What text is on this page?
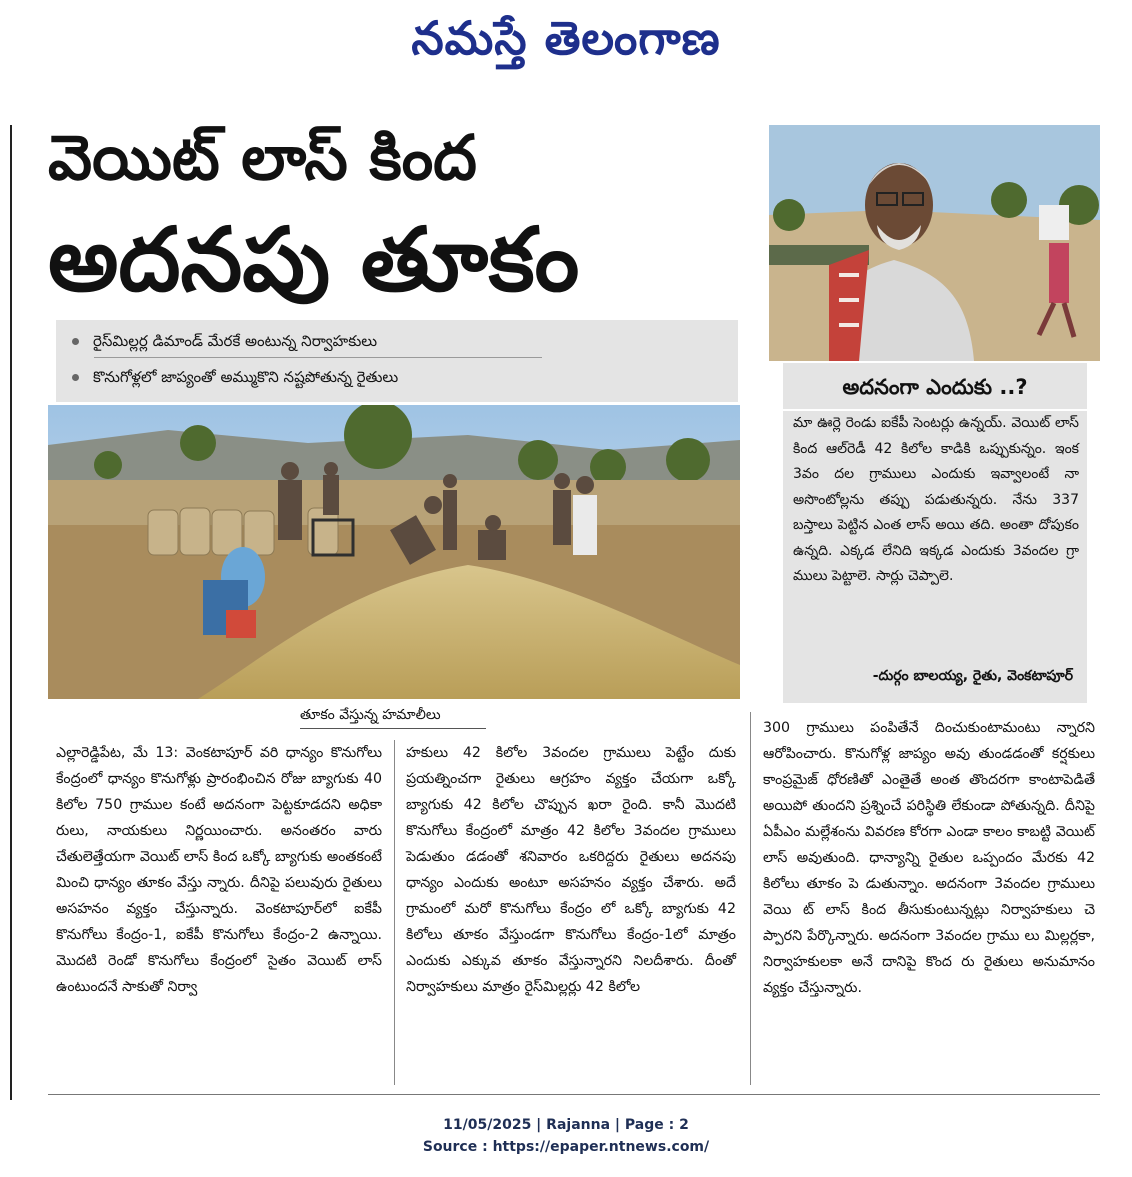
నమస్తే తెలంగాణ
వెయిట్ లాస్ కింద
అదనపు తూకం
రైస్‌మిల్లర్ల డిమాండ్ మేరకే అంటున్న నిర్వాహకులు
కొనుగోళ్లలో జాప్యంతో అమ్ముకొని నష్టపోతున్న రైతులు
తూకం వేస్తున్న హమాలీలు
అదనంగా ఎందుకు ..?
మా ఊర్లె రెండు ఐకేపీ సెంటర్లు ఉన్నయ్. వెయిట్ లాస్ కింద ఆల్‌రెడీ 42 కిలోల కాడికి ఒప్పుకున్నం. ఇంక 3వం దల గ్రాములు ఎందుకు ఇవ్వాలంటే నా అసొంటోల్లను తప్పు పడుతున్నరు. నేను 337 బస్తాలు పెట్టిన ఎంత లాస్ అయి తది. అంతా దోపుకం ఉన్నది. ఎక్కడ లేనిది ఇక్కడ ఎందుకు 3వందల గ్రా ములు పెట్టాలె. సార్లు చెప్పాలె.
-దుర్గం బాలయ్య, రైతు, వెంకటాపూర్
ఎల్లారెడ్డిపేట, మే 13: వెంకటాపూర్ వరి ధాన్యం కొనుగోలు కేంద్రంలో ధాన్యం కొనుగోళ్లు ప్రారంభించిన రోజు బ్యాగుకు 40 కిలోల 750 గ్రాముల కంటే అదనంగా పెట్టకూడదని అధికా రులు, నాయకులు నిర్ణయించారు. అనంతరం వారు చేతులెత్తేయగా వెయిట్ లాస్ కింద ఒక్కో బ్యాగుకు అంతకంటే మించి ధాన్యం తూకం వేస్తు న్నారు. దీనిపై పలువురు రైతులు అసహనం వ్యక్తం చేస్తున్నారు. వెంకటాపూర్‌లో ఐకేపీ కొనుగోలు కేంద్రం-1, ఐకేపీ కొనుగోలు కేంద్రం-2 ఉన్నాయి. మొదటి రెండో కొనుగోలు కేంద్రంలో సైతం వెయిట్ లాస్ ఉంటుందనే సాకుతో నిర్వా
హకులు 42 కిలోల 3వందల గ్రాములు పెట్టేం దుకు ప్రయత్నించగా రైతులు ఆగ్రహం వ్యక్తం చేయగా ఒక్కో బ్యాగుకు 42 కిలోల చొప్పున ఖరా రైంది. కానీ మొదటి కొనుగోలు కేంద్రంలో మాత్రం 42 కిలోల 3వందల గ్రాములు పెడుతుం డడంతో శనివారం ఒకరిద్దరు రైతులు అదనపు ధాన్యం ఎందుకు అంటూ అసహనం వ్యక్తం చేశారు. అదే గ్రామంలో మరో కొనుగోలు కేంద్రం లో ఒక్కో బ్యాగుకు 42 కిలోలు తూకం వేస్తుండగా కొనుగోలు కేంద్రం-1లో మాత్రం ఎందుకు ఎక్కువ తూకం వేస్తున్నారని నిలదీశారు. దీంతో నిర్వాహకులు మాత్రం రైస్‌మిల్లర్లు 42 కిలోల
300 గ్రాములు పంపితేనే దించుకుంటామంటు న్నారని ఆరోపించారు. కొనుగోళ్ల జాప్యం అవు తుండడంతో కర్షకులు కాంప్రమైజ్ ధోరణితో ఎంతైతే అంత తొందరగా కాంటాపెడితే అయిపో తుందని ప్రశ్నించే పరిస్థితి లేకుండా పోతున్నది. దీనిపై ఏపీఎం మల్లేశంను వివరణ కోరగా ఎండా కాలం కాబట్టి వెయిట్ లాస్ అవుతుంది. ధాన్యాన్ని రైతుల ఒప్పందం మేరకు 42 కిలోలు తూకం పె డుతున్నాం. అదనంగా 3వందల గ్రాములు వెయి ట్ లాస్ కింద తీసుకుంటున్నట్లు నిర్వాహకులు చె ప్పారని పేర్కొన్నారు. అదనంగా 3వందల గ్రాము లు మిల్లర్లకా, నిర్వాహకులకా అనే దానిపై కొంద రు రైతులు అనుమానం వ్యక్తం చేస్తున్నారు.
11/05/2025 | Rajanna | Page : 2
Source : https://epaper.ntnews.com/
